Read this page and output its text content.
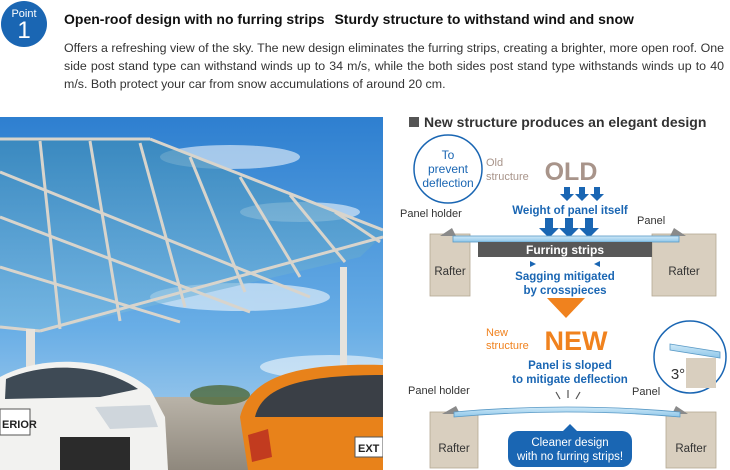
Point
1	Open-roof design with no furring strips Sturdy structure to withstand wind and snow
Offers a refreshing view of the sky. The new design eliminates the furring strips, creating a brighter, more open roof. One side post stand type can withstand winds up to 34 m/s, while the both sides post stand type withstands winds up to 40 m/s. Both protect your car from snow accumulations of around 20 cm.
ERIOR
EXT
New structure produces an elegant design
To
prevent
deflection
Old
structure OLD
Weight of panel itself
Panel holder
Panel
Furring strips
Rafter	Rafter
Sagging mitigated
by crosspieces
New
structure NEW
Panel is sloped
to mitigate deflection	3°
Panel holder	Panel
Rafter	Rafter
Cleaner design
with no furring strips!
